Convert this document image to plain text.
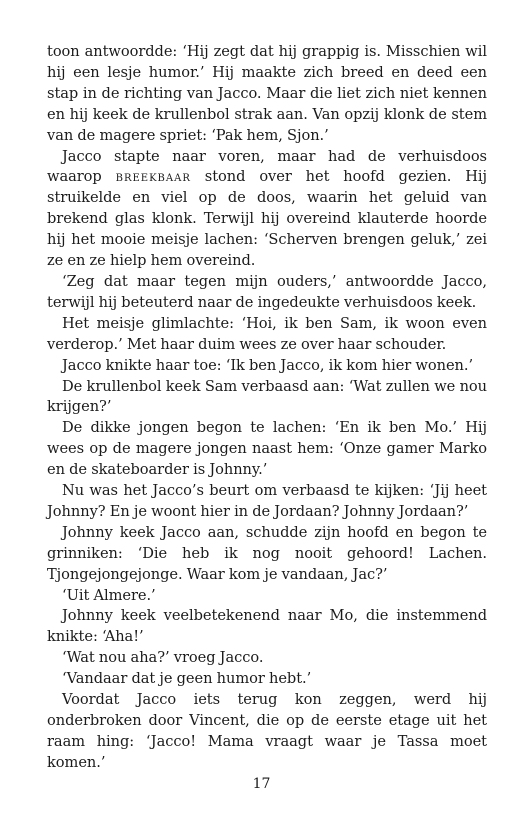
toon antwoordde: ‘Hij zegt dat hij grappig is. Misschien wil hij een lesje humor.’ Hij maakte zich breed en deed een stap in de richting van Jacco. Maar die liet zich niet kennen en hij keek de krullenbol strak aan. Van opzij klonk de stem van de magere spriet: ‘Pak hem, Sjon.’

Jacco stapte naar voren, maar had de verhuisdoos waarop breekbaar stond over het hoofd gezien. Hij struikelde en viel op de doos, waarin het geluid van brekend glas klonk. Terwijl hij overeind klauterde hoorde hij het mooie meisje lachen: ‘Scherven brengen geluk,’ zei ze en ze hielp hem overeind.

‘Zeg dat maar tegen mijn ouders,’ antwoordde Jacco, terwijl hij beteuterd naar de ingedeukte verhuisdoos keek.

Het meisje glimlachte: ‘Hoi, ik ben Sam, ik woon even verderop.’ Met haar duim wees ze over haar schouder.

Jacco knikte haar toe: ‘Ik ben Jacco, ik kom hier wonen.’

De krullenbol keek Sam verbaasd aan: ‘Wat zullen we nou krijgen?’

De dikke jongen begon te lachen: ‘En ik ben Mo.’ Hij wees op de magere jongen naast hem: ‘Onze gamer Marko en de skateboarder is Johnny.’

Nu was het Jacco’s beurt om verbaasd te kijken: ‘Jij heet Johnny? En je woont hier in de Jordaan? Johnny Jordaan?’

Johnny keek Jacco aan, schudde zijn hoofd en begon te grinniken: ‘Die heb ik nog nooit gehoord! Lachen. Tjongejongejonge. Waar kom je vandaan, Jac?’

‘Uit Almere.’

Johnny keek veelbetekenend naar Mo, die instemmend knikte: ‘Aha!’

‘Wat nou aha?’ vroeg Jacco.

‘Vandaar dat je geen humor hebt.’

Voordat Jacco iets terug kon zeggen, werd hij onderbroken door Vincent, die op de eerste etage uit het raam hing: ‘Jacco! Mama vraagt waar je Tassa moet komen.’

17
